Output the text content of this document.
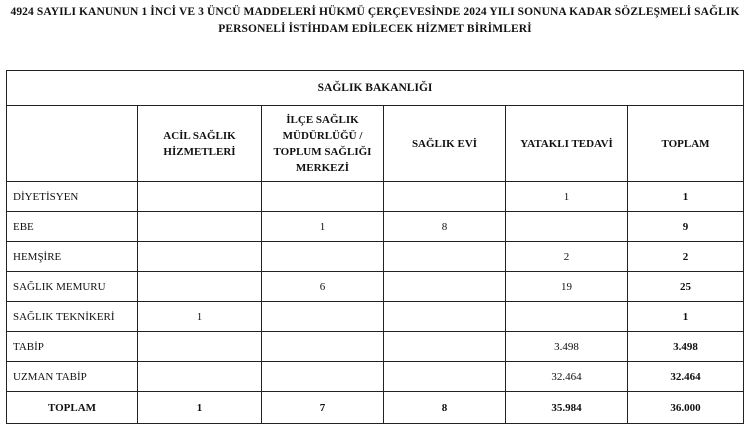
4924 SAYILI KANUNUN 1 İNCİ VE 3 ÜNCÜ MADDELERİ HÜKMÜ ÇERÇEVESİNDE 2024 YILI SONUNA KADAR SÖZLEŞMELİ SAĞLIK
PERSONELİ İSTİHDAM EDİLECEK HİZMET BİRİMLERİ
SAĞLIK BAKANLIĞI					
	ACİL SAĞLIK HİZMETLERİ	İLÇE SAĞLIK MÜDÜRLÜĞÜ / TOPLUM SAĞLIĞI MERKEZİ	SAĞLIK EVİ	YATAKLI TEDAVİ	TOPLAM
DİYETİSYEN				1	1
EBE		1	8		9
HEMŞİRE				2	2
SAĞLIK MEMURU		6		19	25
SAĞLIK TEKNİKERİ	1				1
TABİP				3.498	3.498
UZMAN TABİP				32.464	32.464
TOPLAM	1	7	8	35.984	36.000
